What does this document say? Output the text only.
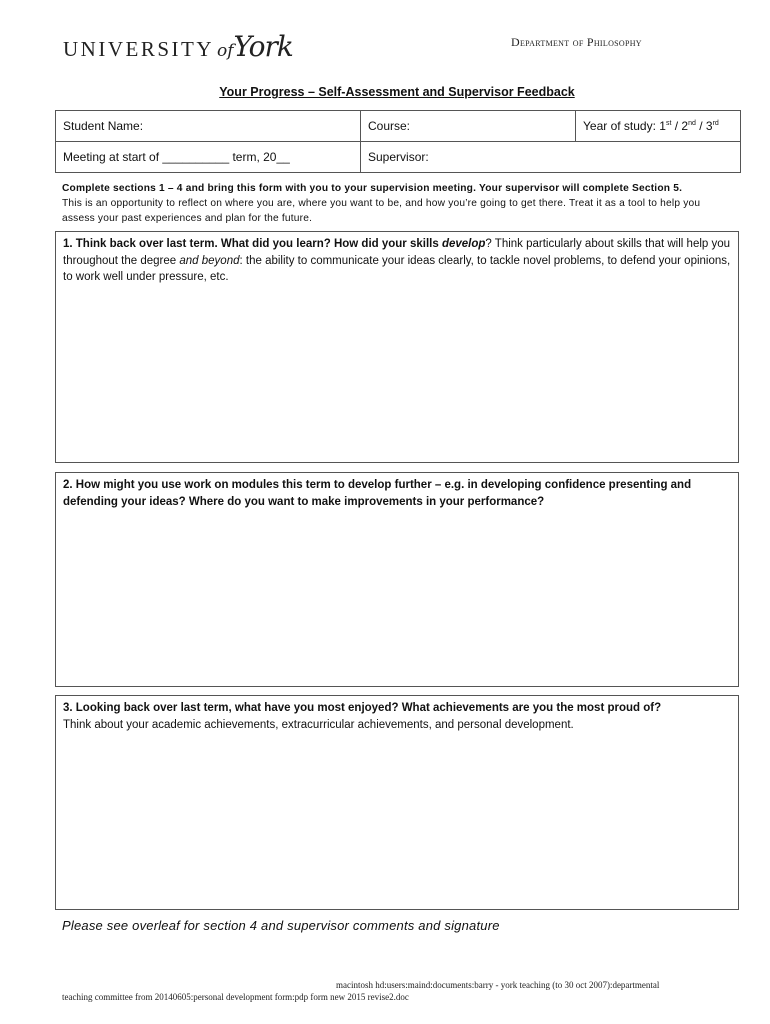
UNIVERSITY of York	Department of Philosophy
Your Progress – Self-Assessment and Supervisor Feedback
Student Name:	Course:	Year of study: 1st / 2nd / 3rd
Meeting at start of __________ term, 20__	Supervisor:	
Complete sections 1 – 4 and bring this form with you to your supervision meeting. Your supervisor will complete Section 5.
This is an opportunity to reflect on where you are, where you want to be, and how you’re going to get there. Treat it as a tool to help you assess your past experiences and plan for the future.
1. Think back over last term. What did you learn? How did your skills develop? Think particularly about skills that will help you throughout the degree and beyond: the ability to communicate your ideas clearly, to tackle novel problems, to defend your opinions, to work well under pressure, etc.
2. How might you use work on modules this term to develop further – e.g. in developing confidence presenting and defending your ideas? Where do you want to make improvements in your performance?
3. Looking back over last term, what have you most enjoyed? What achievements are you the most proud of?
Think about your academic achievements, extracurricular achievements, and personal development.
Please see overleaf for section 4 and supervisor comments and signature
macintosh hd:users:maind:documents:barry - york teaching (to 30 oct 2007):departmental
teaching committee from 20140605:personal development form:pdp form new 2015 revise2.doc
